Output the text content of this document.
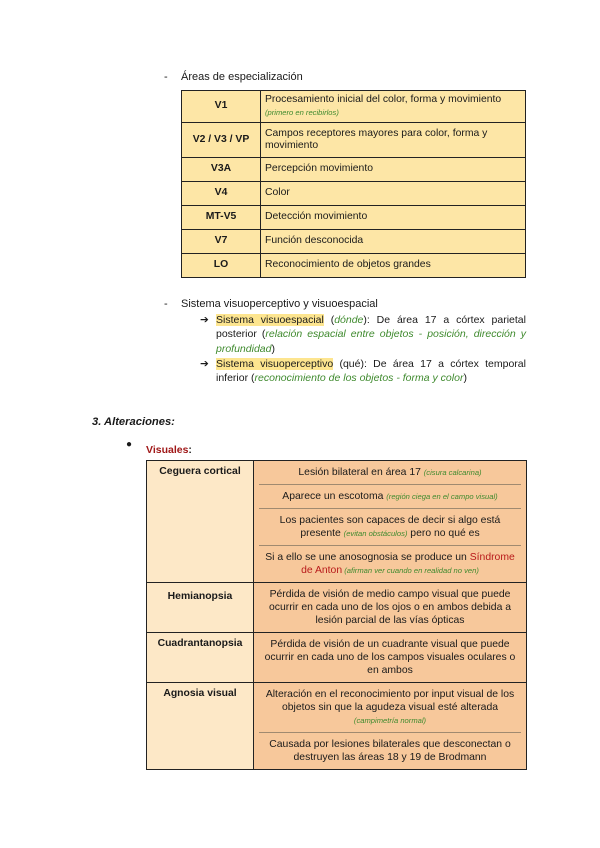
- Áreas de especialización
V1	Procesamiento inicial del color, forma y movimiento
(primero en recibirlos)

V2 / V3 / VP	Campos receptores mayores para color, forma y movimiento
V3A	Percepción movimiento
V4	Color
MT-V5	Detección movimiento
V7	Función desconocida
LO	Reconocimiento de objetos grandes
- Sistema visuoperceptivo y visuoespacial
➔ Sistema visuoespacial (dónde): De área 17 a córtex parietal posterior (relación espacial entre objetos - posición, dirección y profundidad)
➔ Sistema visuoperceptivo (qué): De área 17 a córtex temporal inferior (reconocimiento de los objetos - forma y color)
3. Alteraciones:
● Visuales:
Ceguera cortical	Lesión bilateral en área 17 (cisura calcarina)
Aparece un escotoma (región ciega en el campo visual)
Los pacientes son capaces de decir si algo está presente (evitan obstáculos) pero no qué es
Si a ello se une anosognosia se produce un Síndrome de Anton (afirman ver cuando en realidad no ven)

Hemianopsia	Pérdida de visión de medio campo visual que puede ocurrir en cada uno de los ojos o en ambos debida a lesión parcial de las vías ópticas

Cuadrantanopsia	Pérdida de visión de un cuadrante visual que puede ocurrir en cada uno de los campos visuales oculares o en ambos

Agnosia visual	Alteración en el reconocimiento por input visual de los objetos sin que la agudeza visual esté alterada (campimetría normal)
Causada por lesiones bilaterales que desconectan o destruyen las áreas 18 y 19 de Brodmann
